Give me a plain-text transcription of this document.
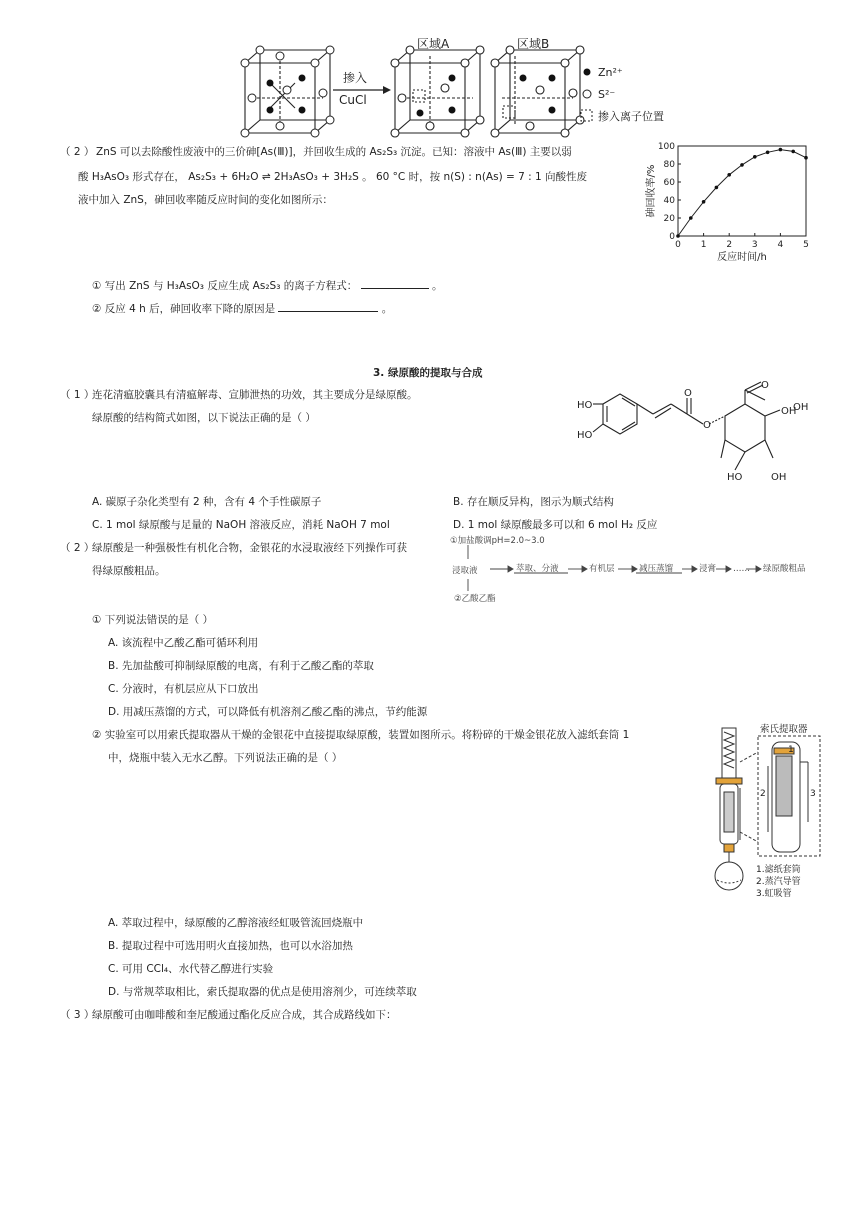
掺入
CuCl
区域A	区域B
Zn²⁺
S²⁻
掺入离子位置
（ 2 ） ZnS 可以去除酸性废液中的三价砷[As(Ⅲ)]，并回收生成的 As₂S₃ 沉淀。已知：溶液中 As(Ⅲ) 主要以弱
酸 H₃AsO₃ 形式存在， As₂S₃ + 6H₂O ⇌ 2H₃AsO₃ + 3H₂S 。 60 °C 时，按 n(S) : n(As) = 7 : 1 向酸性废
液中加入 ZnS，砷回收率随反应时间的变化如图所示：
① 写出 ZnS 与 H₃AsO₃ 反应生成 As₂S₃ 的离子方程式：	。
② 反应 4 h 后，砷回收率下降的原因是	。
0 1 2 3 4 5
0
20
40
60
80
100
反应时间/h
砷回收率/%
3. 绿原酸的提取与合成
（ 1 ）
连花清瘟胶囊具有清瘟解毒、宣肺泄热的功效，其主要成分是绿原酸。
绿原酸的结构简式如图，以下说法正确的是（ ）
HO
HO
O
O
O
OH
HO	OH
OH
A. 碳原子杂化类型有 2 种，含有 4 个手性碳原子	B. 存在顺反异构，图示为顺式结构
C. 1 mol 绿原酸与足量的 NaOH 溶液反应，消耗 NaOH 7 mol	D. 1 mol 绿原酸最多可以和 6 mol H₂ 反应
（ 2 ）
绿原酸是一种强极性有机化合物，金银花的水浸取液经下列操作可获
得绿原酸粗品。
①加盐酸调pH=2.0~3.0
浸取液
②乙酸乙酯
萃取、分液	有机层	减压蒸馏	浸膏 …… 绿原酸粗品
① 下列说法错误的是（ ）
A. 该流程中乙酸乙酯可循环利用
B. 先加盐酸可抑制绿原酸的电离，有利于乙酸乙酯的萃取
C. 分液时，有机层应从下口放出
D. 用减压蒸馏的方式，可以降低有机溶剂乙酸乙酯的沸点，节约能源
② 实验室可以用索氏提取器从干燥的金银花中直接提取绿原酸，装置如图所示。将粉碎的干燥金银花放入滤纸套筒 1
中，烧瓶中装入无水乙醇。下列说法正确的是（ ）
索氏提取器
1
2	3
1.滤纸套筒
2.蒸汽导管
3.虹吸管
A. 萃取过程中，绿原酸的乙醇溶液经虹吸管流回烧瓶中
B. 提取过程中可选用明火直接加热，也可以水浴加热
C. 可用 CCl₄、水代替乙醇进行实验
D. 与常规萃取相比，索氏提取器的优点是使用溶剂少，可连续萃取
（ 3 ）
绿原酸可由咖啡酸和奎尼酸通过酯化反应合成，其合成路线如下：
